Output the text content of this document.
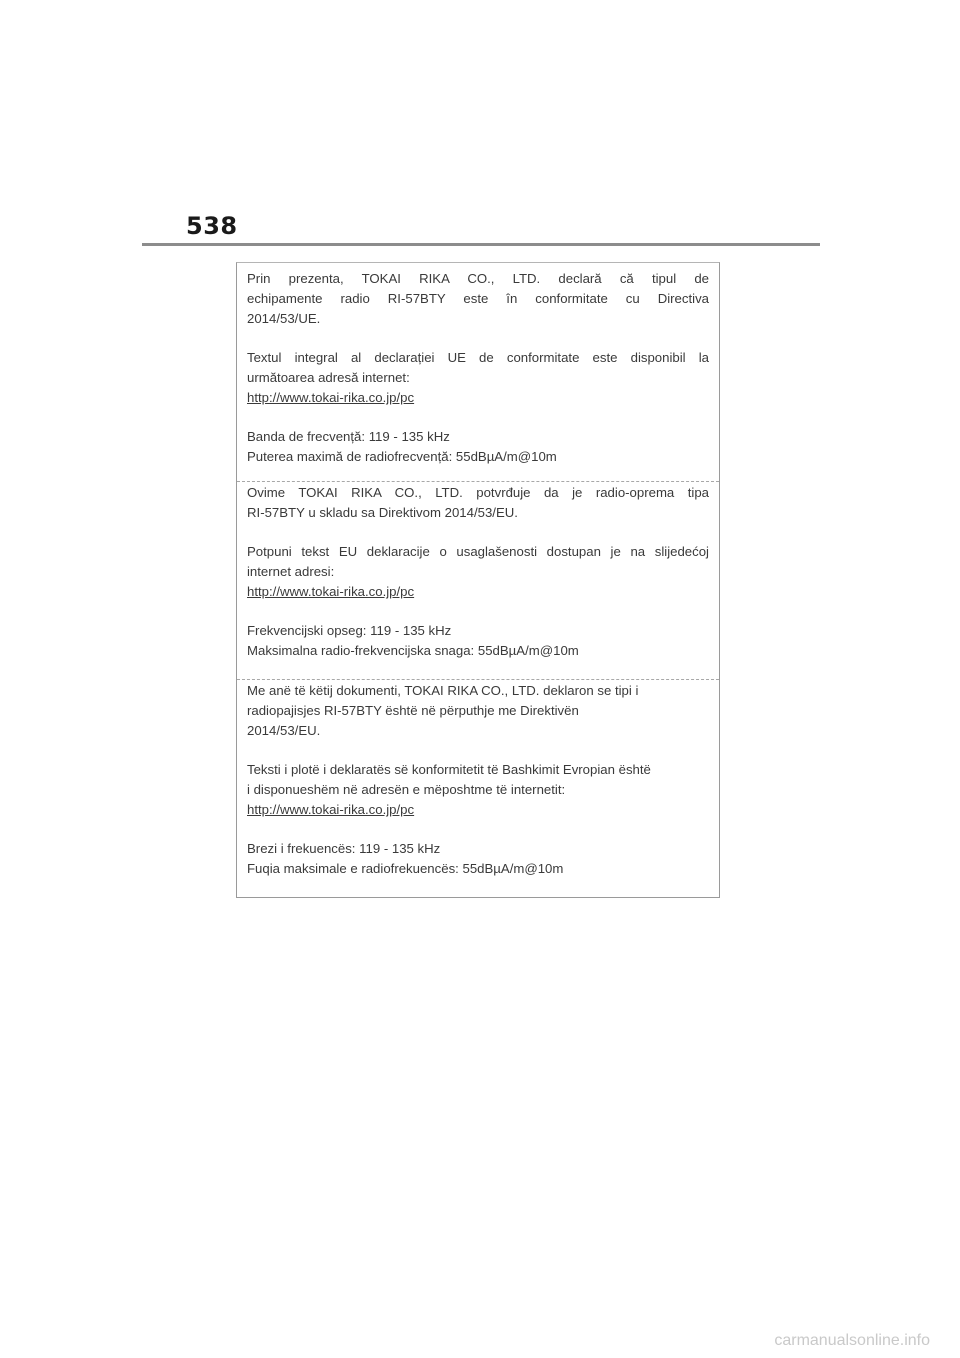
538

Prin prezenta, TOKAI RIKA CO., LTD. declară că tipul de

echipamente radio RI-57BTY este în conformitate cu Directiva

2014/53/UE.

Textul integral al declarației UE de conformitate este disponibil la

următoarea adresă internet:

http://www.tokai-rika.co.jp/pc

Banda de frecvență: 119 - 135 kHz

Puterea maximă de radiofrecvență: 55dBµA/m@10m

Ovime TOKAI RIKA CO., LTD. potvrđuje da je radio-oprema tipa

RI-57BTY u skladu sa Direktivom 2014/53/EU.

Potpuni tekst EU deklaracije o usaglašenosti dostupan je na slijedećoj

internet adresi:

http://www.tokai-rika.co.jp/pc

Frekvencijski opseg: 119 - 135 kHz

Maksimalna radio-frekvencijska snaga: 55dBµA/m@10m

Me anë të këtij dokumenti, TOKAI RIKA CO., LTD. deklaron se tipi i

radiopajisjes RI-57BTY është në përputhje me Direktivën

2014/53/EU.

Teksti i plotë i deklaratës së konformitetit të Bashkimit Evropian është

i disponueshëm në adresën e mëposhtme të internetit:

http://www.tokai-rika.co.jp/pc

Brezi i frekuencës: 119 - 135 kHz

Fuqia maksimale e radiofrekuencës: 55dBµA/m@10m

carmanualsonline.info
